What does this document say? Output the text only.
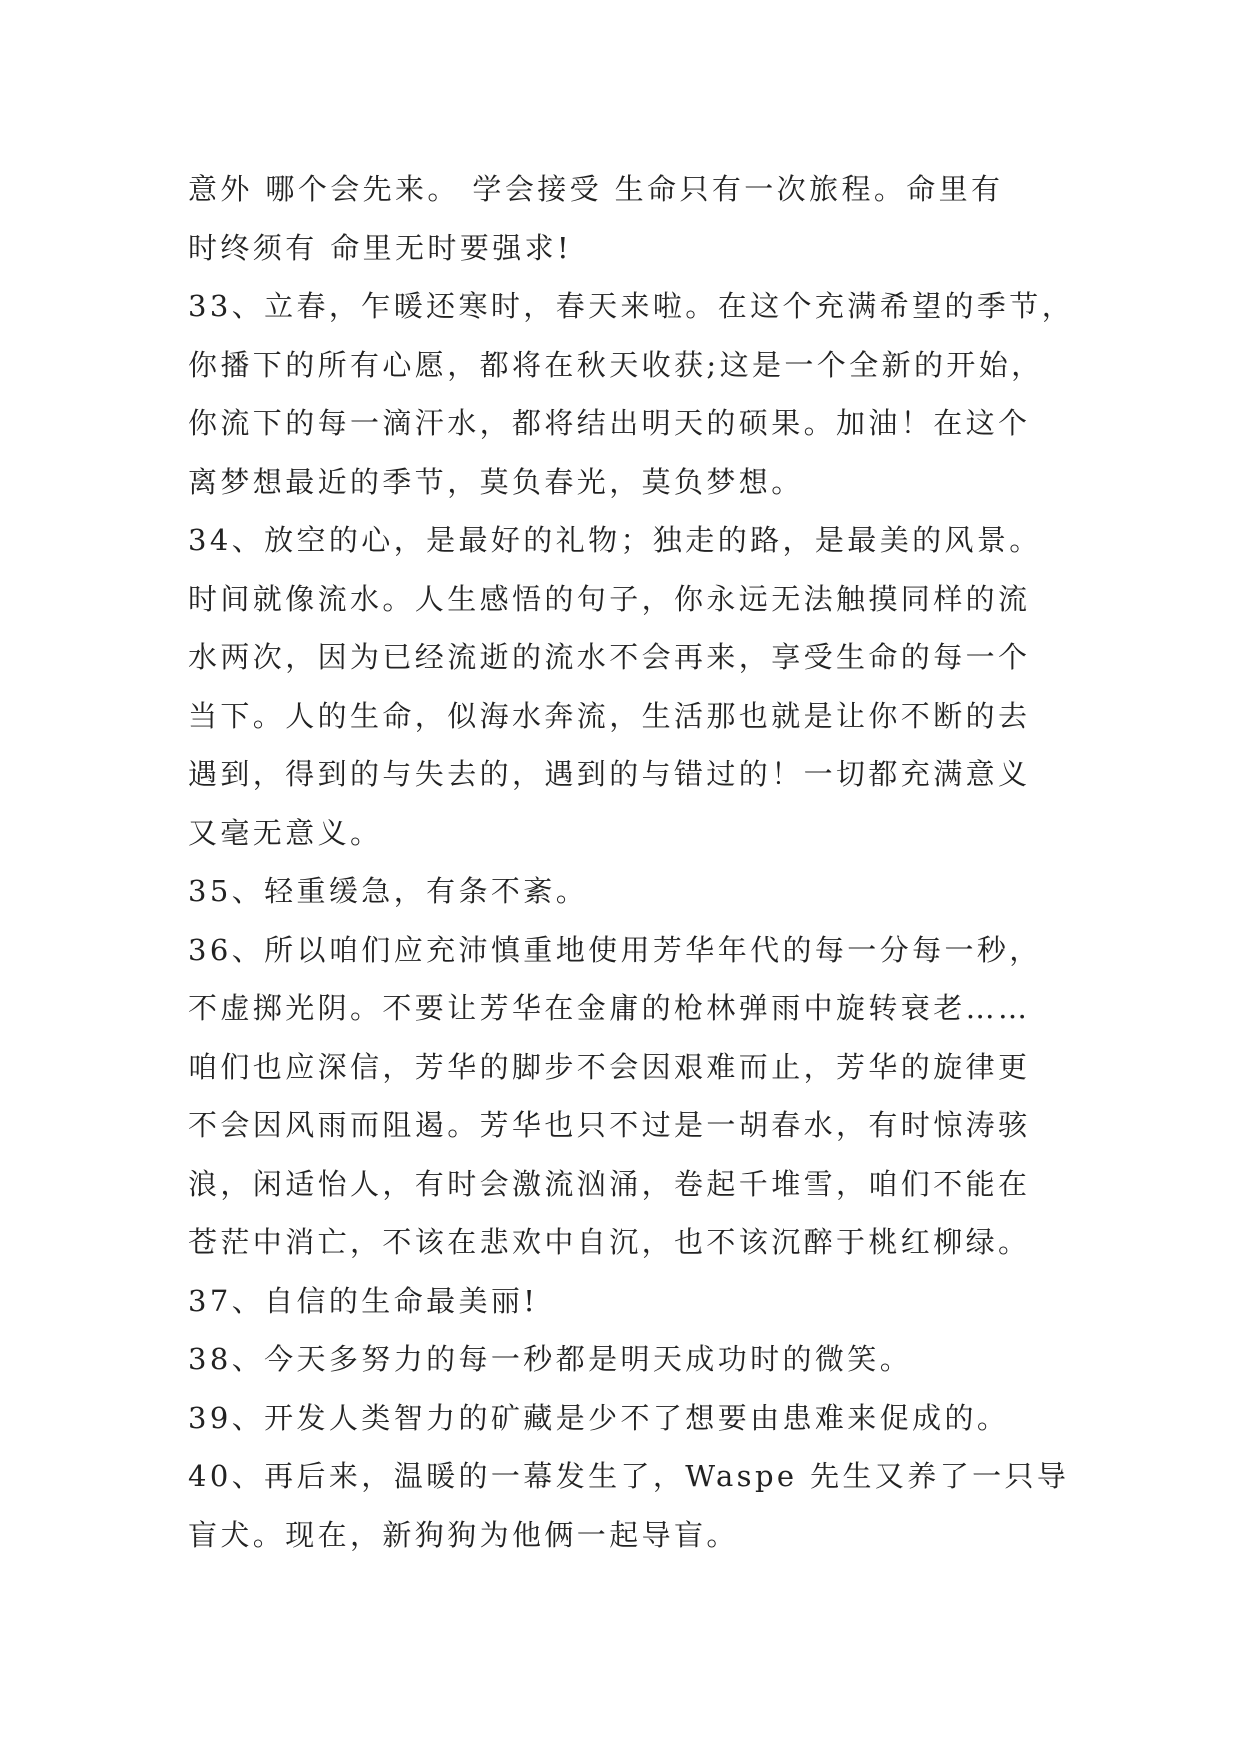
意外 哪个会先来。 学会接受 生命只有一次旅程。命里有
时终须有 命里无时要强求!
33、立春，乍暖还寒时，春天来啦。在这个充满希望的季节，
你播下的所有心愿，都将在秋天收获;这是一个全新的开始，
你流下的每一滴汗水，都将结出明天的硕果。加油！在这个
离梦想最近的季节，莫负春光，莫负梦想。
34、放空的心，是最好的礼物；独走的路，是最美的风景。
时间就像流水。人生感悟的句子，你永远无法触摸同样的流
水两次，因为已经流逝的流水不会再来，享受生命的每一个
当下。人的生命，似海水奔流，生活那也就是让你不断的去
遇到，得到的与失去的，遇到的与错过的！一切都充满意义
又毫无意义。
35、轻重缓急，有条不紊。
36、所以咱们应充沛慎重地使用芳华年代的每一分每一秒，
不虚掷光阴。不要让芳华在金庸的枪林弹雨中旋转衰老……
咱们也应深信，芳华的脚步不会因艰难而止，芳华的旋律更
不会因风雨而阻遏。芳华也只不过是一胡春水，有时惊涛骇
浪，闲适怡人，有时会激流汹涌，卷起千堆雪，咱们不能在
苍茫中消亡，不该在悲欢中自沉，也不该沉醉于桃红柳绿。
37、自信的生命最美丽!
38、今天多努力的每一秒都是明天成功时的微笑。
39、开发人类智力的矿藏是少不了想要由患难来促成的。
40、再后来，温暖的一幕发生了，Waspe 先生又养了一只导
盲犬。现在，新狗狗为他俩一起导盲。
